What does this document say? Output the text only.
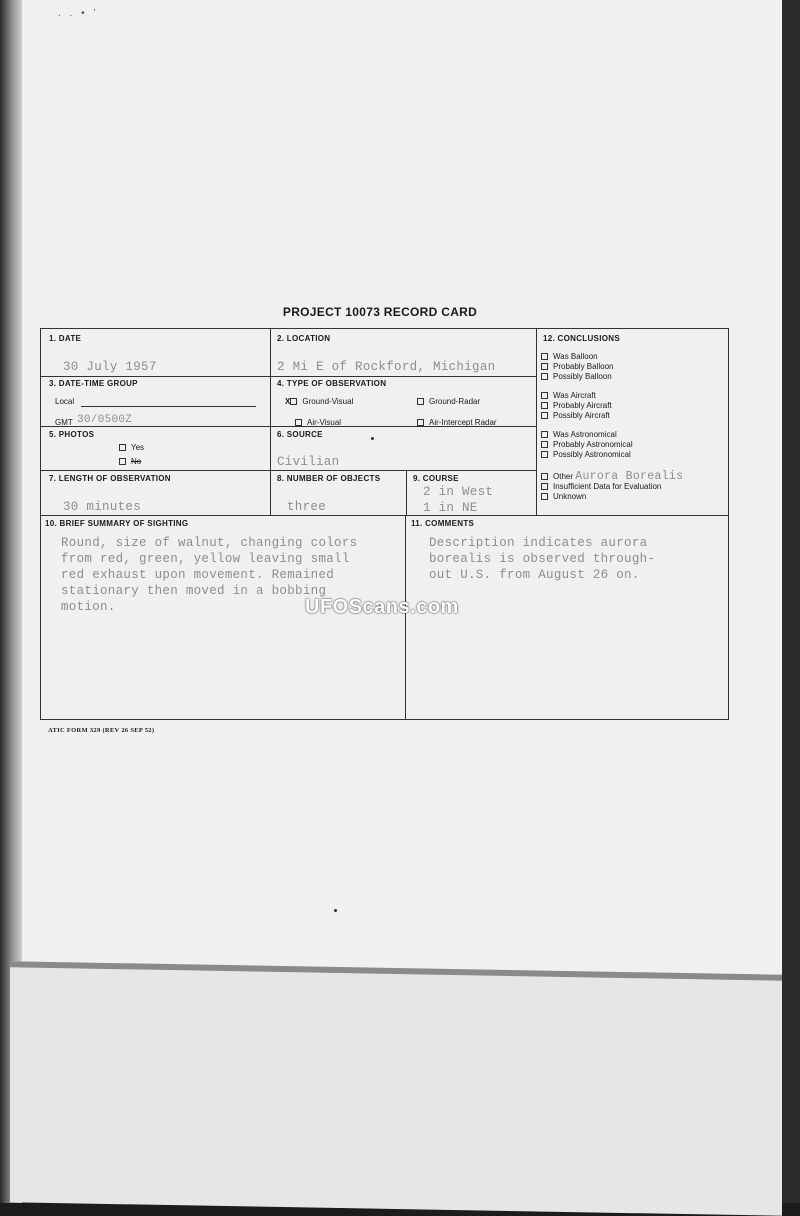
. . • ’
PROJECT 10073 RECORD CARD
1. DATE
30 July 1957
2. LOCATION
2 Mi E of Rockford, Michigan
3. DATE-TIME GROUP
Local
GMT 30/0500Z
4. TYPE OF OBSERVATION
X Ground-Visual	Ground-Radar
Air-Visual	Air-Intercept Radar
5. PHOTOS
Yes
No
6. SOURCE
Civilian
7. LENGTH OF OBSERVATION
30 minutes
8. NUMBER OF OBJECTS
three
9. COURSE
2 in West
1 in NE
10. BRIEF SUMMARY OF SIGHTING
Round, size of walnut, changing colors
from red, green, yellow leaving small
red exhaust upon movement. Remained
stationary then moved in a bobbing
motion.
11. COMMENTS
Description indicates aurora
borealis is observed through-
out U.S. from August 26 on.
12. CONCLUSIONS
Was Balloon
Probably Balloon
Possibly Balloon
Was Aircraft
Probably Aircraft
Possibly Aircraft
Was Astronomical
Probably Astronomical
Possibly Astronomical
Other Aurora Borealis
Insufficient Data for Evaluation
Unknown
UFOScans.com
ATIC FORM 329 (REV 26 SEP 52)
